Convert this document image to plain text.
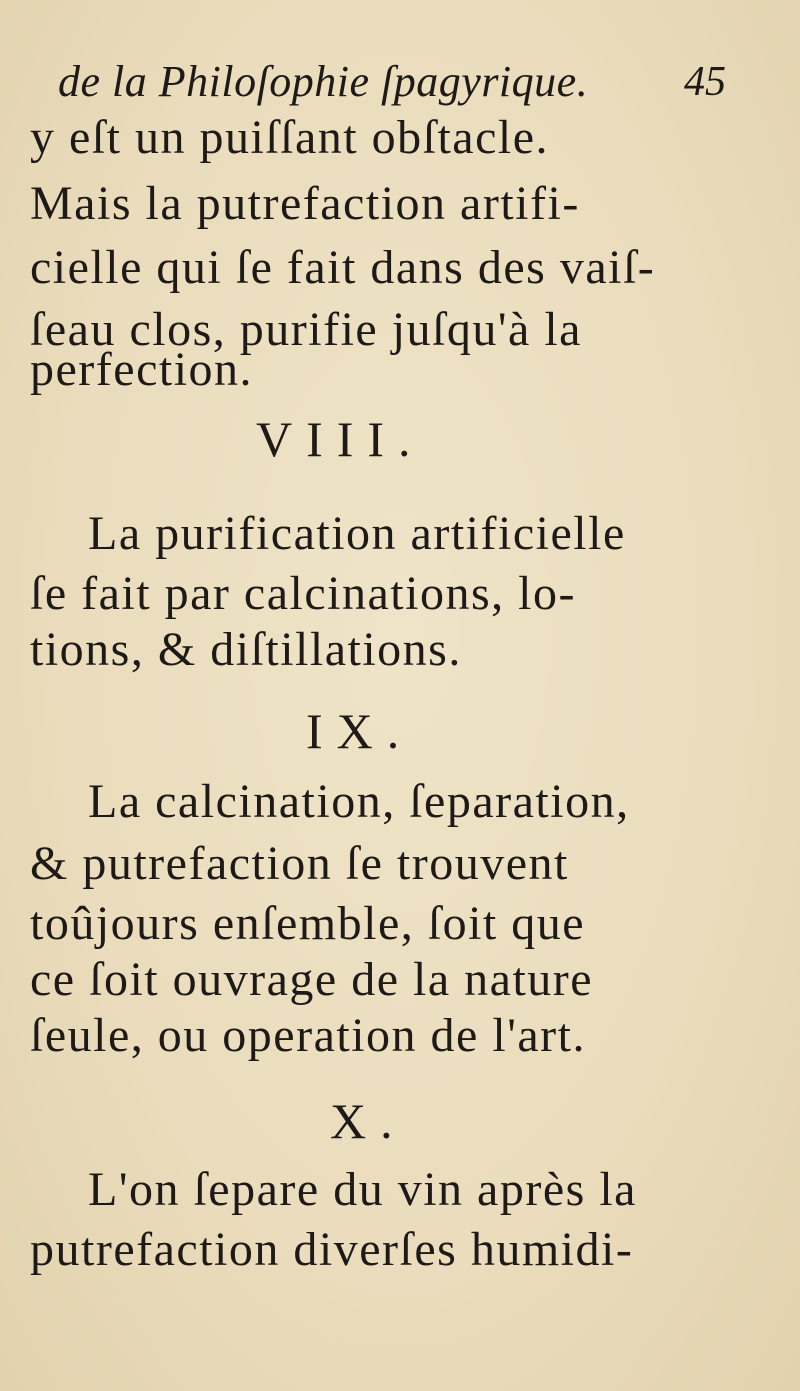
de la Philoſophie ſpagyrique. 45
y eſt un puiſſant obſtacle.
Mais la putrefaction artifi-
cielle qui ſe fait dans des vaiſ-
ſeau clos, purifie juſqu'à la
perfection.
VIII.
La purification artificielle
ſe fait par calcinations, lo-
tions, & diſtillations.
IX.
La calcination, ſeparation,
& putrefaction ſe trouvent
toûjours enſemble, ſoit que
ce ſoit ouvrage de la nature
ſeule, ou operation de l'art.
X.
L'on ſepare du vin après la
putrefaction diverſes humidi-
